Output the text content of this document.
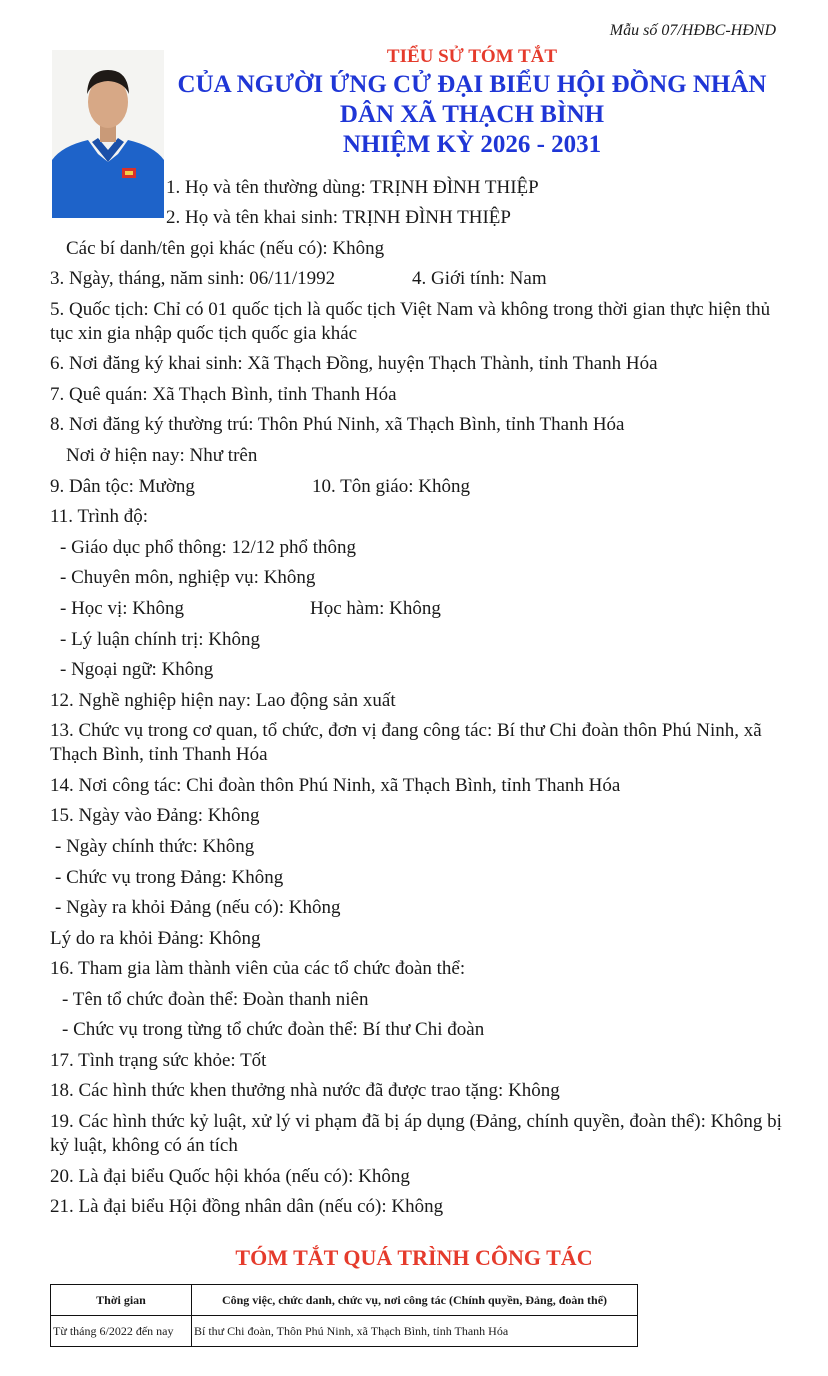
Mẫu số 07/HĐBC-HĐND
TIỂU SỬ TÓM TẮT
CỦA NGƯỜI ỨNG CỬ ĐẠI BIỂU HỘI ĐỒNG NHÂN
DÂN XÃ THẠCH BÌNH
NHIỆM KỲ 2026 - 2031
1. Họ và tên thường dùng: TRỊNH ĐÌNH THIỆP
2. Họ và tên khai sinh: TRỊNH ĐÌNH THIỆP
Các bí danh/tên gọi khác (nếu có): Không
3. Ngày, tháng, năm sinh: 06/11/1992	4. Giới tính: Nam
5. Quốc tịch: Chỉ có 01 quốc tịch là quốc tịch Việt Nam và không trong thời gian thực hiện thủ tục xin gia nhập quốc tịch quốc gia khác
6. Nơi đăng ký khai sinh: Xã Thạch Đồng, huyện Thạch Thành, tỉnh Thanh Hóa
7. Quê quán: Xã Thạch Bình, tỉnh Thanh Hóa
8. Nơi đăng ký thường trú: Thôn Phú Ninh, xã Thạch Bình, tỉnh Thanh Hóa
Nơi ở hiện nay: Như trên
9. Dân tộc: Mường	10. Tôn giáo: Không
11. Trình độ:
- Giáo dục phổ thông: 12/12 phổ thông
- Chuyên môn, nghiệp vụ: Không
- Học vị: Không	Học hàm: Không
- Lý luận chính trị: Không
- Ngoại ngữ: Không
12. Nghề nghiệp hiện nay: Lao động sản xuất
13. Chức vụ trong cơ quan, tổ chức, đơn vị đang công tác: Bí thư Chi đoàn thôn Phú Ninh, xã Thạch Bình, tỉnh Thanh Hóa
14. Nơi công tác: Chi đoàn thôn Phú Ninh, xã Thạch Bình, tỉnh Thanh Hóa
15. Ngày vào Đảng: Không
- Ngày chính thức: Không
- Chức vụ trong Đảng: Không
- Ngày ra khỏi Đảng (nếu có): Không
Lý do ra khỏi Đảng: Không
16. Tham gia làm thành viên của các tổ chức đoàn thể:
- Tên tổ chức đoàn thể: Đoàn thanh niên
- Chức vụ trong từng tổ chức đoàn thể: Bí thư Chi đoàn
17. Tình trạng sức khỏe: Tốt
18. Các hình thức khen thưởng nhà nước đã được trao tặng: Không
19. Các hình thức kỷ luật, xử lý vi phạm đã bị áp dụng (Đảng, chính quyền, đoàn thể): Không bị kỷ luật, không có án tích
20. Là đại biểu Quốc hội khóa (nếu có): Không
21. Là đại biểu Hội đồng nhân dân (nếu có): Không
TÓM TẮT QUÁ TRÌNH CÔNG TÁC
Thời gian	Công việc, chức danh, chức vụ, nơi công tác (Chính quyền, Đảng, đoàn thể)
Từ tháng 6/2022 đến nay	Bí thư Chi đoàn, Thôn Phú Ninh, xã Thạch Bình, tỉnh Thanh Hóa
